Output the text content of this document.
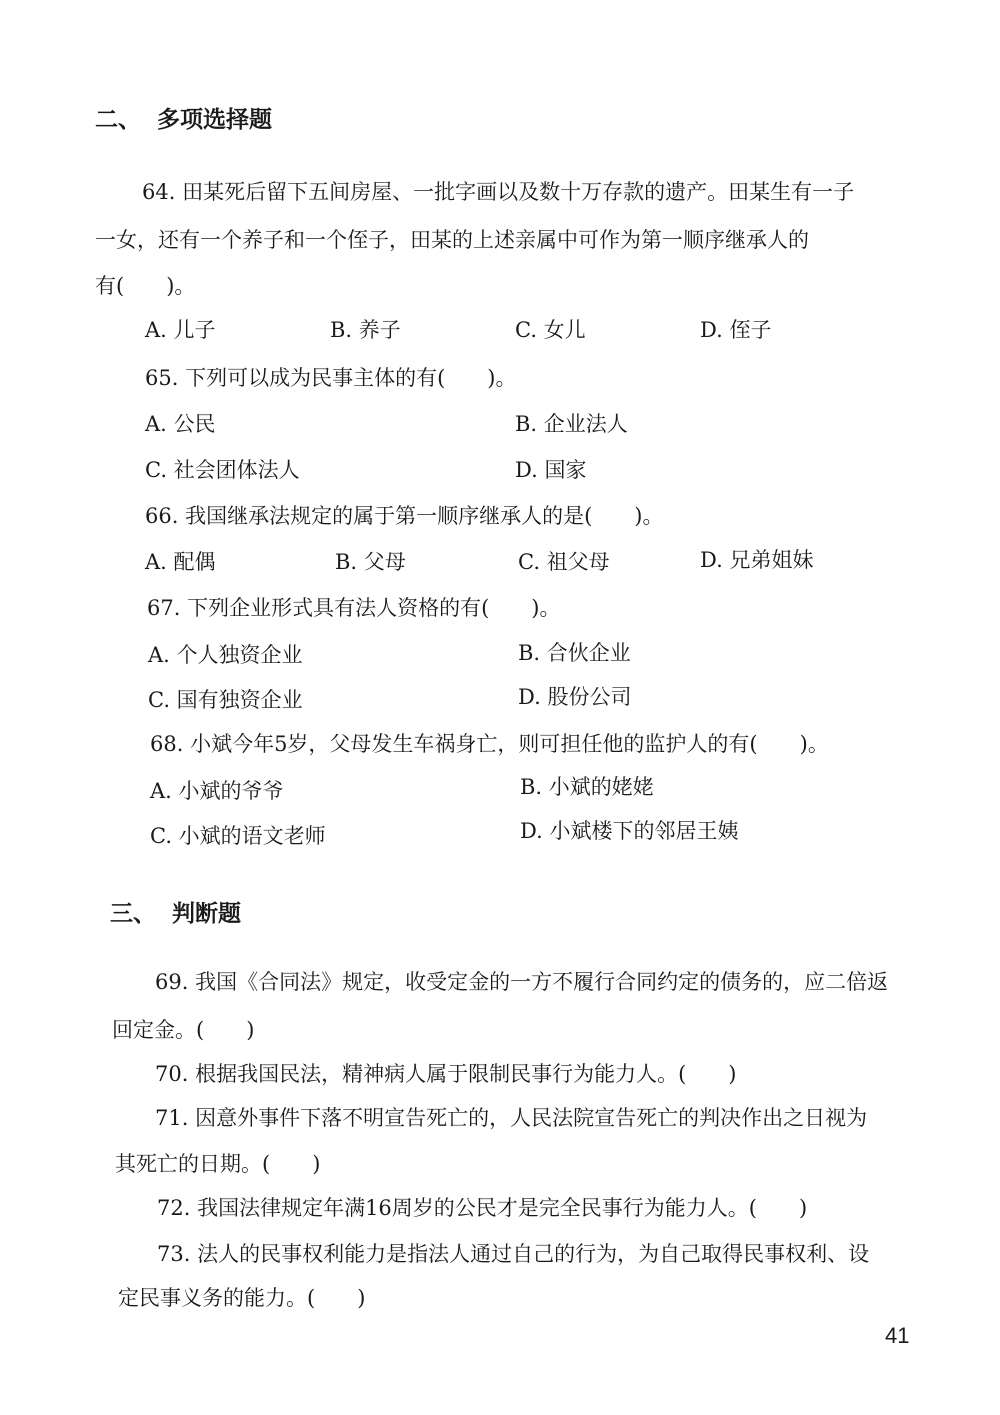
二、 多项选择题
64. 田某死后留下五间房屋、一批字画以及数十万存款的遗产。田某生有一子
一女，还有一个养子和一个侄子，田某的上述亲属中可作为第一顺序继承人的
有(　　)。
A. 儿子	B. 养子	C. 女儿	D. 侄子
65. 下列可以成为民事主体的有(　　)。
A. 公民	B. 企业法人
C. 社会团体法人	D. 国家
66. 我国继承法规定的属于第一顺序继承人的是(　　)。
A. 配偶	B. 父母	C. 祖父母	D. 兄弟姐妹
67. 下列企业形式具有法人资格的有(　　)。
A. 个人独资企业	B. 合伙企业
C. 国有独资企业	D. 股份公司
68. 小斌今年5岁，父母发生车祸身亡，则可担任他的监护人的有(　　)。
A. 小斌的爷爷	B. 小斌的姥姥
C. 小斌的语文老师	D. 小斌楼下的邻居王姨
三、 判断题
69. 我国《合同法》规定，收受定金的一方不履行合同约定的债务的，应二倍返
回定金。(　　)
70. 根据我国民法，精神病人属于限制民事行为能力人。(　　)
71. 因意外事件下落不明宣告死亡的，人民法院宣告死亡的判决作出之日视为
其死亡的日期。(　　)
72. 我国法律规定年满16周岁的公民才是完全民事行为能力人。(　　)
73. 法人的民事权利能力是指法人通过自己的行为，为自己取得民事权利、设
定民事义务的能力。(　　)
41
